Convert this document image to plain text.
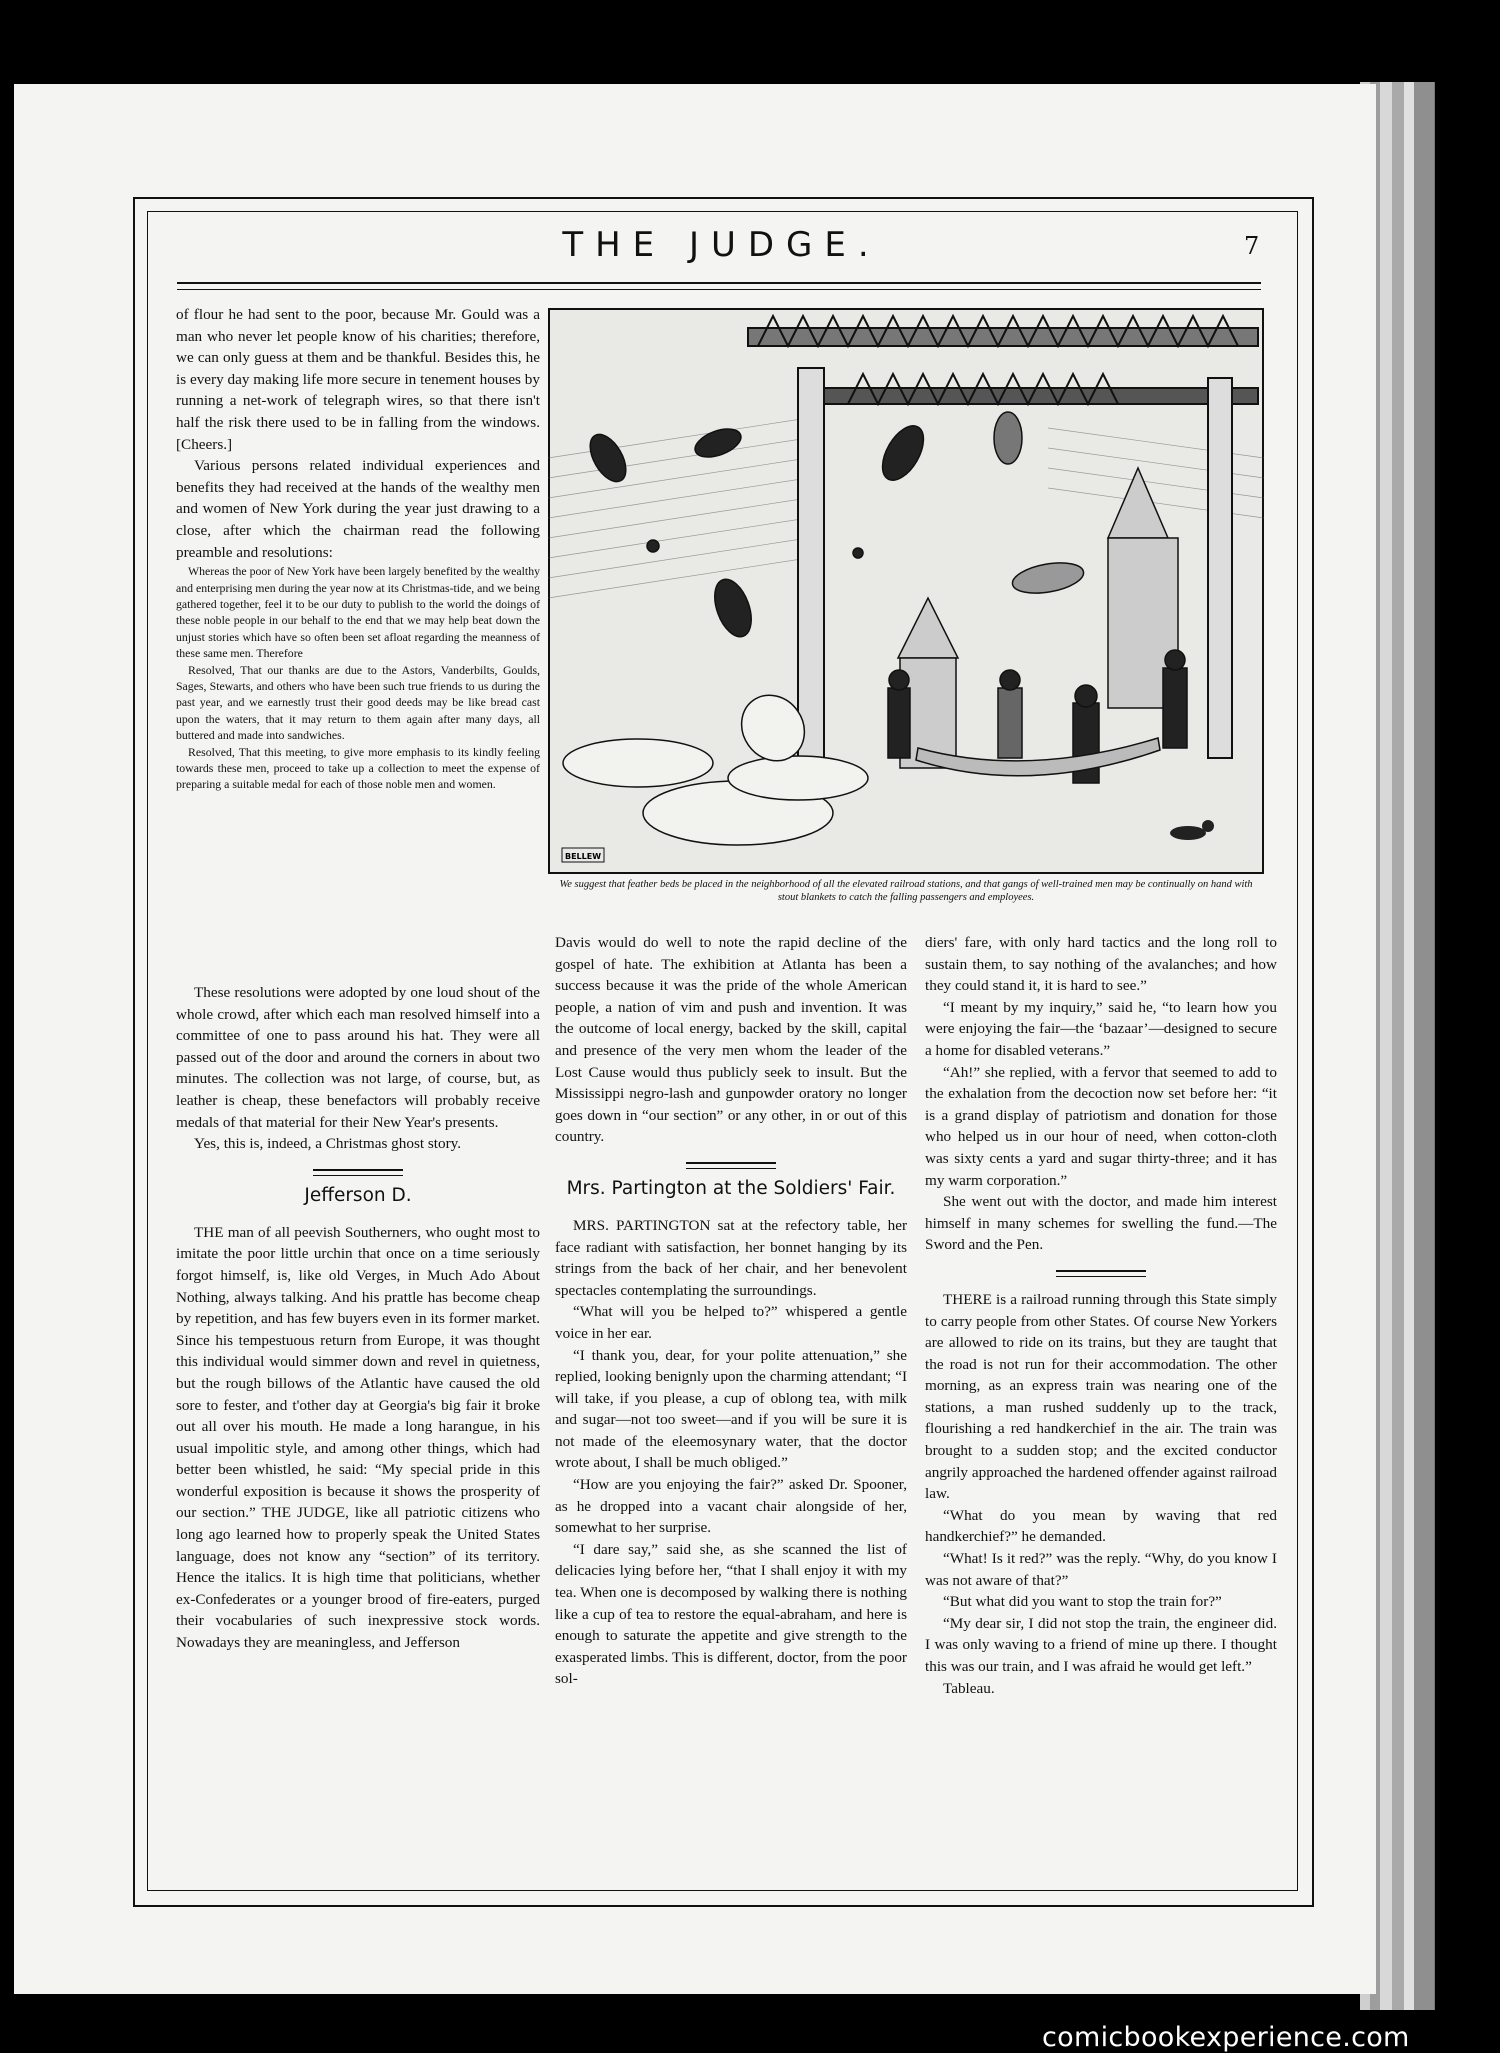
THE JUDGE.	7

of flour he had sent to the poor, because Mr. Gould was a man who never let people know of his charities; therefore, we can only guess at them and be thankful. Besides this, he is every day making life more secure in tenement houses by running a net-work of telegraph wires, so that there isn't half the risk there used to be in falling from the windows. [Cheers.]

Various persons related individual experiences and benefits they had received at the hands of the wealthy men and women of New York during the year just drawing to a close, after which the chairman read the following preamble and resolutions:

Whereas the poor of New York have been largely benefited by the wealthy and enterprising men during the year now at its Christmas-tide, and we being gathered together, feel it to be our duty to publish to the world the doings of these noble people in our behalf to the end that we may help beat down the unjust stories which have so often been set afloat regarding the meanness of these same men. Therefore

Resolved, That our thanks are due to the Astors, Vanderbilts, Goulds, Sages, Stewarts, and others who have been such true friends to us during the past year, and we earnestly trust their good deeds may be like bread cast upon the waters, that it may return to them again after many days, all buttered and made into sandwiches.

Resolved, That this meeting, to give more emphasis to its kindly feeling towards these men, proceed to take up a collection to meet the expense of preparing a suitable medal for each of those noble men and women.

These resolutions were adopted by one loud shout of the whole crowd, after which each man resolved himself into a committee of one to pass around his hat. They were all passed out of the door and around the corners in about two minutes. The collection was not large, of course, but, as leather is cheap, these benefactors will probably receive medals of that material for their New Year's presents.

Yes, this is, indeed, a Christmas ghost story.

Jefferson D.

THE man of all peevish Southerners, who ought most to imitate the poor little urchin that once on a time seriously forgot himself, is, like old Verges, in Much Ado About Nothing, always talking. And his prattle has become cheap by repetition, and has few buyers even in its former market. Since his tempestuous return from Europe, it was thought this individual would simmer down and revel in quietness, but the rough billows of the Atlantic have caused the old sore to fester, and t'other day at Georgia's big fair it broke out all over his mouth. He made a long harangue, in his usual impolitic style, and among other things, which had better been whistled, he said: “My special pride in this wonderful exposition is because it shows the prosperity of our section.” THE JUDGE, like all patriotic citizens who long ago learned how to properly speak the United States language, does not know any “section” of its territory. Hence the italics. It is high time that politicians, whether ex-Confederates or a younger brood of fire-eaters, purged their vocabularies of such inexpressive stock words. Nowadays they are meaningless, and Jefferson

BELLEW
We suggest that feather beds be placed in the neighborhood of all the elevated railroad stations, and that gangs of well-trained men may be continually on hand with stout blankets to catch the falling passengers and employees.

Davis would do well to note the rapid decline of the gospel of hate. The exhibition at Atlanta has been a success because it was the pride of the whole American people, a nation of vim and push and invention. It was the outcome of local energy, backed by the skill, capital and presence of the very men whom the leader of the Lost Cause would thus publicly seek to insult. But the Mississippi negro-lash and gunpowder oratory no longer goes down in “our section” or any other, in or out of this country.

Mrs. Partington at the Soldiers' Fair.

MRS. PARTINGTON sat at the refectory table, her face radiant with satisfaction, her bonnet hanging by its strings from the back of her chair, and her benevolent spectacles contemplating the surroundings.

“What will you be helped to?” whispered a gentle voice in her ear.

“I thank you, dear, for your polite attenuation,” she replied, looking benignly upon the charming attendant; “I will take, if you please, a cup of oblong tea, with milk and sugar—not too sweet—and if you will be sure it is not made of the eleemosynary water, that the doctor wrote about, I shall be much obliged.”

“How are you enjoying the fair?” asked Dr. Spooner, as he dropped into a vacant chair alongside of her, somewhat to her surprise.

“I dare say,” said she, as she scanned the list of delicacies lying before her, “that I shall enjoy it with my tea. When one is decomposed by walking there is nothing like a cup of tea to restore the equal-abraham, and here is enough to saturate the appetite and give strength to the exasperated limbs. This is different, doctor, from the poor sol-

diers' fare, with only hard tactics and the long roll to sustain them, to say nothing of the avalanches; and how they could stand it, it is hard to see.”

“I meant by my inquiry,” said he, “to learn how you were enjoying the fair—the ‘bazaar’—designed to secure a home for disabled veterans.”

“Ah!” she replied, with a fervor that seemed to add to the exhalation from the decoction now set before her: “it is a grand display of patriotism and donation for those who helped us in our hour of need, when cotton-cloth was sixty cents a yard and sugar thirty-three; and it has my warm corporation.”

She went out with the doctor, and made him interest himself in many schemes for swelling the fund.—The Sword and the Pen.

THERE is a railroad running through this State simply to carry people from other States. Of course New Yorkers are allowed to ride on its trains, but they are taught that the road is not run for their accommodation. The other morning, as an express train was nearing one of the stations, a man rushed suddenly up to the track, flourishing a red handkerchief in the air. The train was brought to a sudden stop; and the excited conductor angrily approached the hardened offender against railroad law.

“What do you mean by waving that red handkerchief?” he demanded.

“What! Is it red?” was the reply. “Why, do you know I was not aware of that?”

“But what did you want to stop the train for?”

“My dear sir, I did not stop the train, the engineer did. I was only waving to a friend of mine up there. I thought this was our train, and I was afraid he would get left.”

Tableau.

comicbookexperience.com
